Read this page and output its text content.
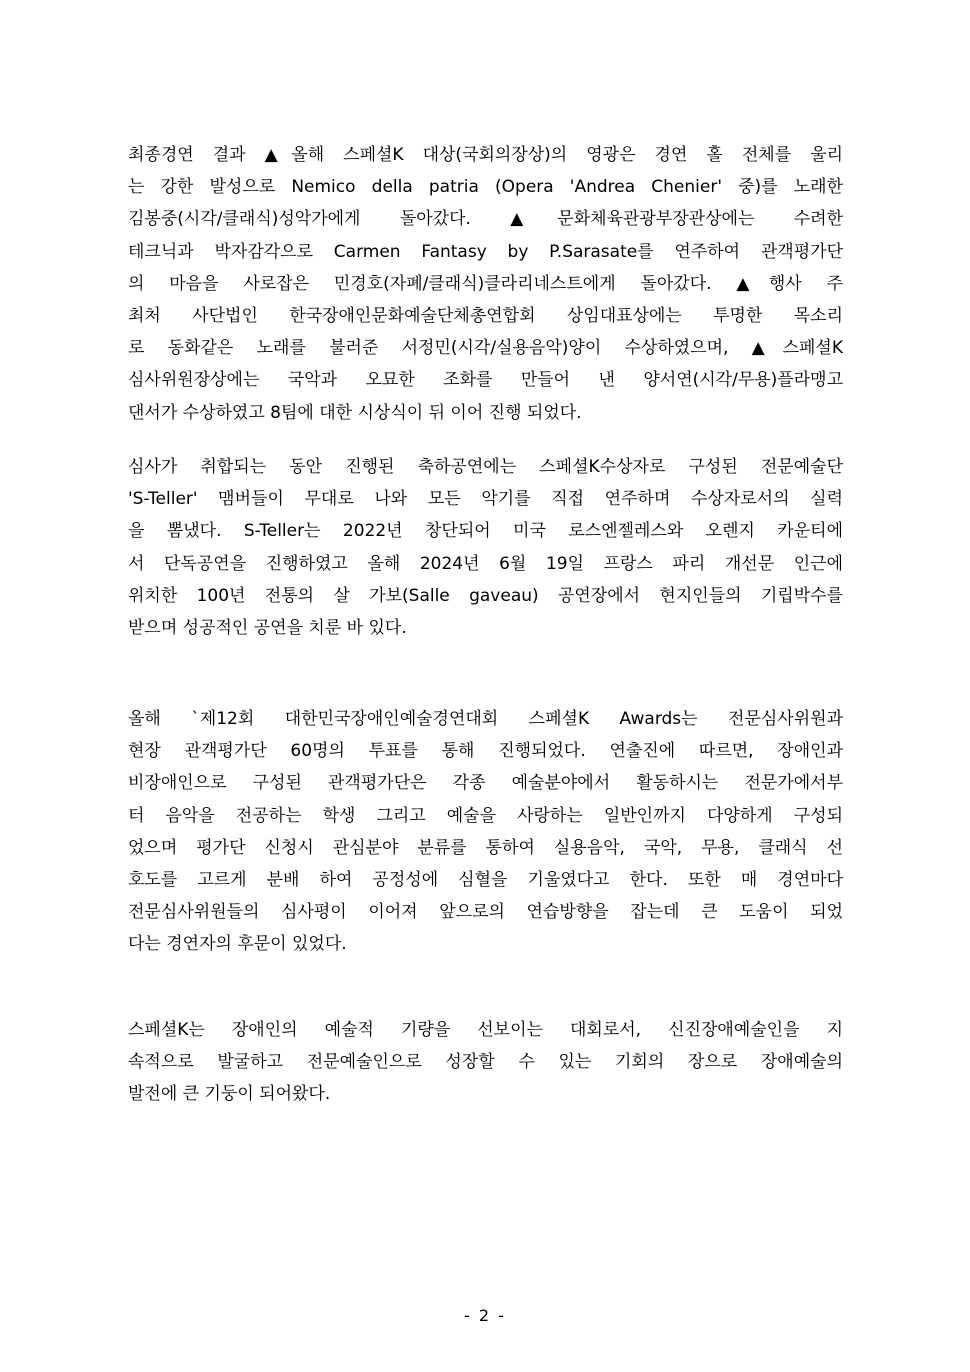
최종경연 결과 ▲올해 스페셜K 대상(국회의장상)의 영광은 경연 홀 전체를 울리
는 강한 발성으로 Nemico della patria (Opera 'Andrea Chenier' 중)를 노래한
김봉중(시각/클래식)성악가에게 돌아갔다. ▲문화체육관광부장관상에는 수려한
테크닉과 박자감각으로 Carmen Fantasy by P.Sarasate를 연주하여 관객평가단
의 마음을 사로잡은 민경호(자폐/클래식)클라리네스트에게 돌아갔다. ▲행사 주
최처 사단법인 한국장애인문화예술단체총연합회 상임대표상에는 투명한 목소리
로 동화같은 노래를 불러준 서정민(시각/실용음악)양이 수상하였으며, ▲스페셜K
심사위원장상에는 국악과 오묘한 조화를 만들어 낸 양서연(시각/무용)플라맹고
댄서가 수상하였고 8팀에 대한 시상식이 뒤 이어 진행 되었다.
심사가 취합되는 동안 진행된 축하공연에는 스페셜K수상자로 구성된 전문예술단
'S-Teller' 맴버들이 무대로 나와 모든 악기를 직접 연주하며 수상자로서의 실력
을 뽐냈다. S-Teller는 2022년 창단되어 미국 로스엔젤레스와 오렌지 카운티에
서 단독공연을 진행하였고 올해 2024년 6월 19일 프랑스 파리 개선문 인근에
위치한 100년 전통의 살 가보(Salle gaveau) 공연장에서 현지인들의 기립박수를
받으며 성공적인 공연을 치룬 바 있다.
올해 `제12회 대한민국장애인예술경연대회 스페셜K Awards는 전문심사위원과
현장 관객평가단 60명의 투표를 통해 진행되었다. 연출진에 따르면, 장애인과
비장애인으로 구성된 관객평가단은 각종 예술분야에서 활동하시는 전문가에서부
터 음악을 전공하는 학생 그리고 예술을 사랑하는 일반인까지 다양하게 구성되
었으며 평가단 신청시 관심분야 분류를 통하여 실용음악, 국악, 무용, 클래식 선
호도를 고르게 분배 하여 공정성에 심혈을 기울였다고 한다. 또한 매 경연마다
전문심사위원들의 심사평이 이어져 앞으로의 연습방향을 잡는데 큰 도움이 되었
다는 경연자의 후문이 있었다.
스페셜K는 장애인의 예술적 기량을 선보이는 대회로서, 신진장애예술인을 지
속적으로 발굴하고 전문예술인으로 성장할 수 있는 기회의 장으로 장애예술의
발전에 큰 기둥이 되어왔다.
- 2 -
